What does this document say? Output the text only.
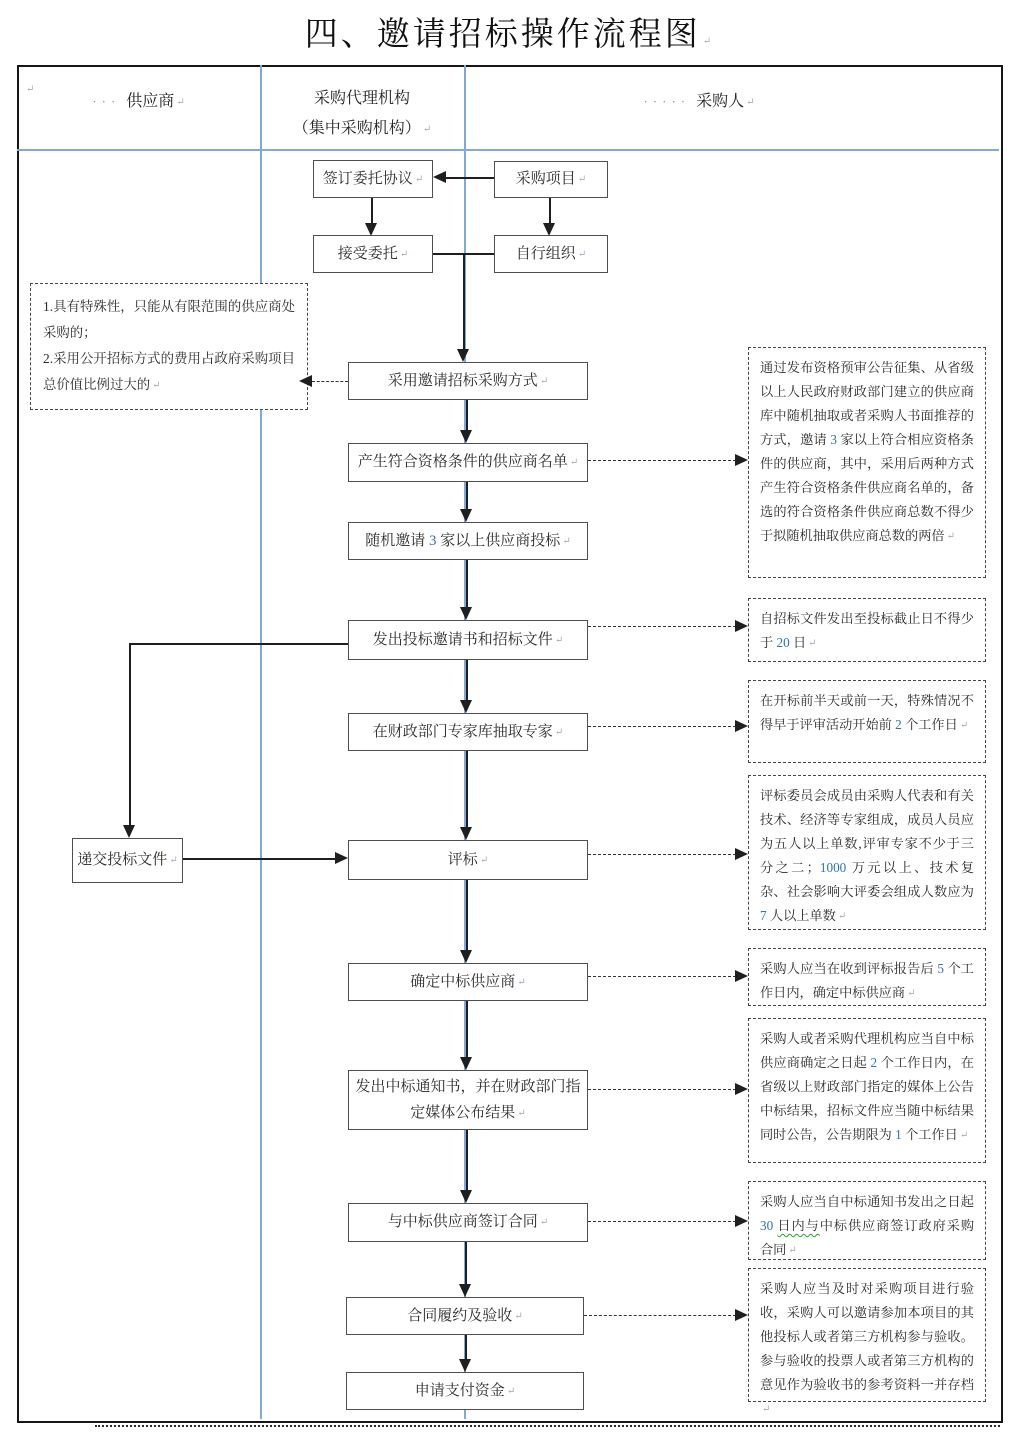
四、邀请招标操作流程图 ↵
↵
··· 供应商 ↵	采购代理机构
（集中采购机构） ↵
····· 采购人 ↵
签订委托协议 ↵	采购项目 ↵
接受委托 ↵	自行组织 ↵
采用邀请招标采购方式 ↵
产生符合资格条件的供应商名单 ↵
随机邀请 3 家以上供应商投标 ↵
发出投标邀请书和招标文件 ↵
在财政部门专家库抽取专家 ↵
评标 ↵
确定中标供应商 ↵
发出中标通知书，并在财政部门指定媒体公布结果 ↵
与中标供应商签订合同 ↵
合同履约及验收 ↵
申请支付资金 ↵
递交投标文件 ↵
1.具有特殊性，只能从有限范围的供应商处采购的；
2.采用公开招标方式的费用占政府采购项目总价值比例过大的 ↵
通过发布资格预审公告征集、从省级以上人民政府财政部门建立的供应商库中随机抽取或者采购人书面推荐的方式，邀请 3 家以上符合相应资格条件的供应商，其中，采用后两种方式产生符合资格条件供应商名单的，备选的符合资格条件供应商总数不得少于拟随机抽取供应商总数的两倍 ↵
自招标文件发出至投标截止日不得少于 20 日 ↵
在开标前半天或前一天，特殊情况不得早于评审活动开始前 2 个工作日 ↵
评标委员会成员由采购人代表和有关技术、经济等专家组成，成员人员应为五人以上单数,评审专家不少于三分之二；1000 万元以上、技术复杂、社会影响大评委会组成人数应为 7 人以上单数 ↵
采购人应当在收到评标报告后 5 个工作日内，确定中标供应商 ↵
采购人或者采购代理机构应当自中标供应商确定之日起 2 个工作日内，在省级以上财政部门指定的媒体上公告中标结果，招标文件应当随中标结果同时公告，公告期限为 1 个工作日 ↵
采购人应当自中标通知书发出之日起 30 日内与中标供应商签订政府采购合同 ↵
采购人应当及时对采购项目进行验收，采购人可以邀请参加本项目的其他投标人或者第三方机构参与验收。参与验收的投票人或者第三方机构的意见作为验收书的参考资料一并存档 ↵
